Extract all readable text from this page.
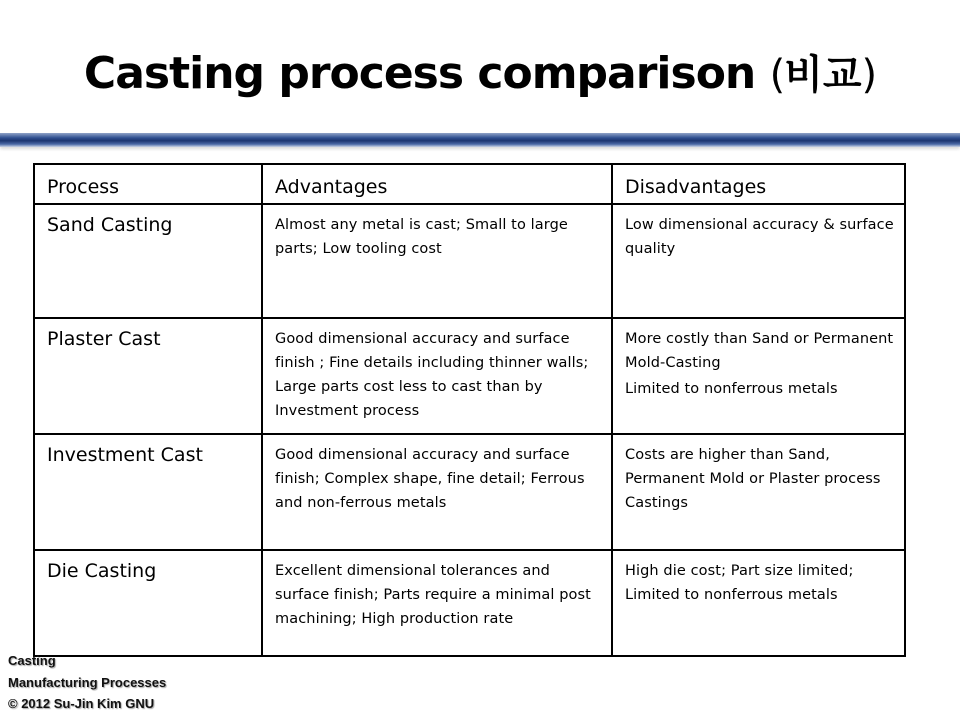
Casting process comparison (비교)
Process	Advantages	Disadvantages
Sand Casting	Almost any metal is cast; Small to large parts; Low tooling cost	Low dimensional accuracy & surface quality

Plaster Cast	Good dimensional accuracy and surface finish ; Fine details including thinner walls; Large parts cost less to cast than by Investment process	More costly than Sand or Permanent Mold-Casting
Limited to nonferrous metals

Investment Cast	Good dimensional accuracy and surface finish; Complex shape, fine detail; Ferrous and non-ferrous metals	Costs are higher than Sand, Permanent Mold or Plaster process Castings

Die Casting	Excellent dimensional tolerances and surface finish; Parts require a minimal post machining; High production rate	High die cost; Part size limited; Limited to nonferrous metals
Casting
Manufacturing Processes
© 2012 Su-Jin Kim GNU
